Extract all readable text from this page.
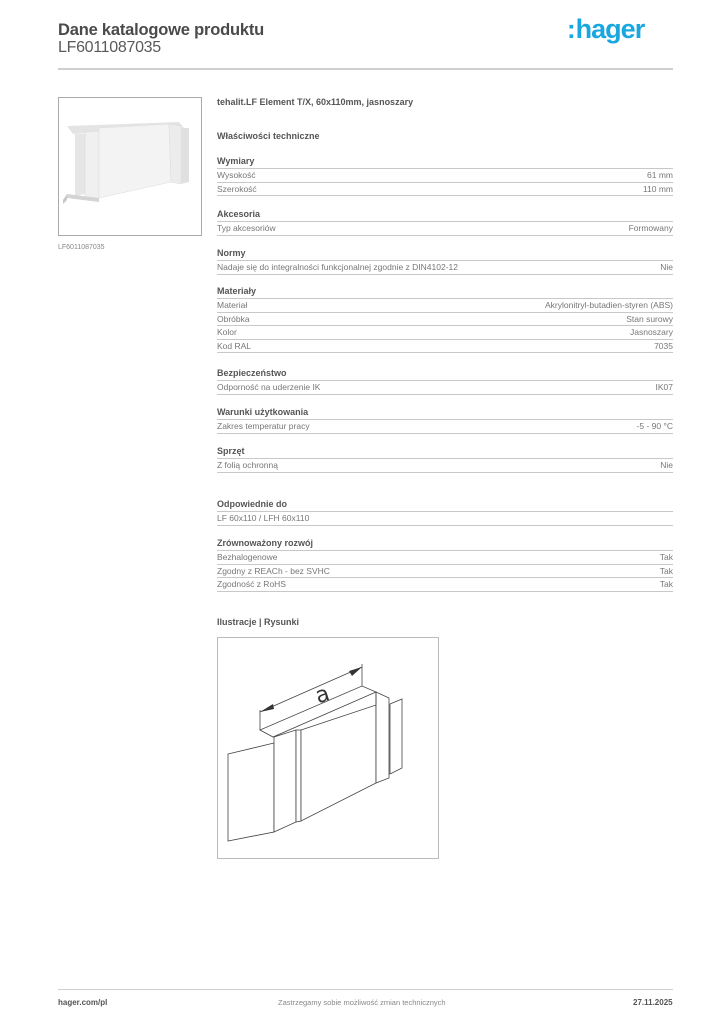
Dane katalogowe produktu
LF6011087035
:hager
LF6011087035
tehalit.LF Element T/X, 60x110mm, jasnoszary
Właściwości techniczne
Wymiary
Wysokość	61 mm
Szerokość	110 mm
Akcesoria
Typ akcesoriów	Formowany
Normy
Nadaje się do integralności funkcjonalnej zgodnie z DIN4102-12	Nie
Materiały
Materiał	Akrylonitryl-butadien-styren (ABS)
Obróbka	Stan surowy
Kolor	Jasnoszary
Kod RAL	7035
Bezpieczeństwo
Odporność na uderzenie IK	IK07
Warunki użytkowania
Zakres temperatur pracy	-5 - 90 °C
Sprzęt
Z folią ochronną	Nie
Odpowiednie do
LF 60x110 / LFH 60x110
Zrównoważony rozwój
Bezhalogenowe	Tak
Zgodny z REACh - bez SVHC	Tak
Zgodność z RoHS	Tak
Ilustracje | Rysunki
a
hager.com/pl	Zastrzegamy sobie możliwość zmian technicznych	27.11.2025
